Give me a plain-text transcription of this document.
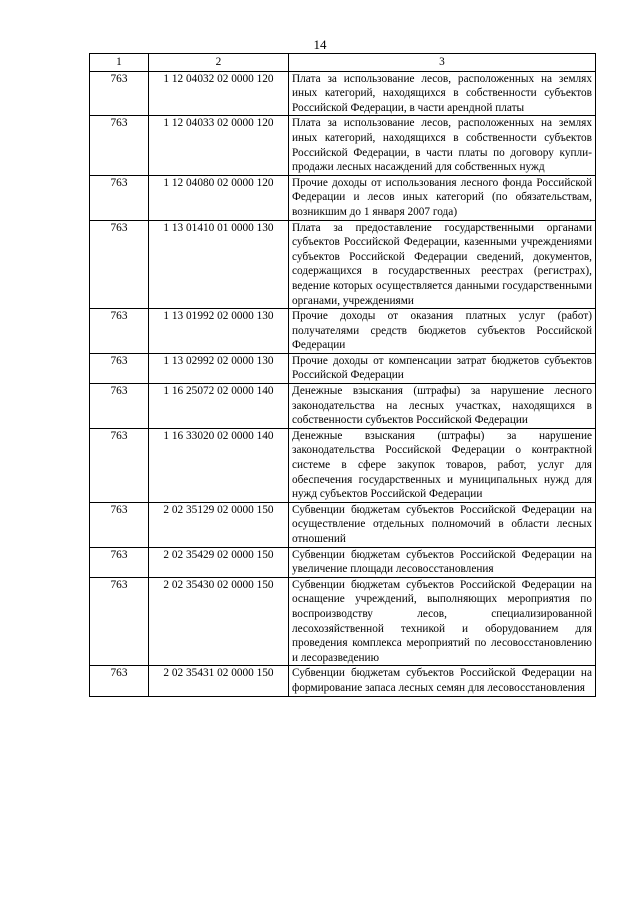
14
1	2	3
763	1 12 04032 02 0000 120	Плата за использование лесов, расположенных на землях иных категорий, находящихся в собственности субъектов Российской Федерации, в части арендной платы
763	1 12 04033 02 0000 120	Плата за использование лесов, расположенных на землях иных категорий, находящихся в собственности субъектов Российской Федерации, в части платы по договору купли-продажи лесных насаждений для собственных нужд
763	1 12 04080 02 0000 120	Прочие доходы от использования лесного фонда Российской Федерации и лесов иных категорий (по обязательствам, возникшим до 1 января 2007 года)
763	1 13 01410 01 0000 130	Плата за предоставление государственными органами субъектов Российской Федерации, казенными учреждениями субъектов Российской Федерации сведений, документов, содержащихся в государственных реестрах (регистрах), ведение которых осуществляется данными государственными органами, учреждениями
763	1 13 01992 02 0000 130	Прочие доходы от оказания платных услуг (работ) получателями средств бюджетов субъектов Российской Федерации
763	1 13 02992 02 0000 130	Прочие доходы от компенсации затрат бюджетов субъектов Российской Федерации
763	1 16 25072 02 0000 140	Денежные взыскания (штрафы) за нарушение лесного законодательства на лесных участках, находящихся в собственности субъектов Российской Федерации
763	1 16 33020 02 0000 140	Денежные взыскания (штрафы) за нарушение законодательства Российской Федерации о контрактной системе в сфере закупок товаров, работ, услуг для обеспечения государственных и муниципальных нужд для нужд субъектов Российской Федерации
763	2 02 35129 02 0000 150	Субвенции бюджетам субъектов Российской Федерации на осуществление отдельных полномочий в области лесных отношений
763	2 02 35429 02 0000 150	Субвенции бюджетам субъектов Российской Федерации на увеличение площади лесовосстановления
763	2 02 35430 02 0000 150	Субвенции бюджетам субъектов Российской Федерации на оснащение учреждений, выполняющих мероприятия по воспроизводству лесов, специализированной лесохозяйственной техникой и оборудованием для проведения комплекса мероприятий по лесовосстановлению и лесоразведению
763	2 02 35431 02 0000 150	Субвенции бюджетам субъектов Российской Федерации на формирование запаса лесных семян для лесовосстановления
